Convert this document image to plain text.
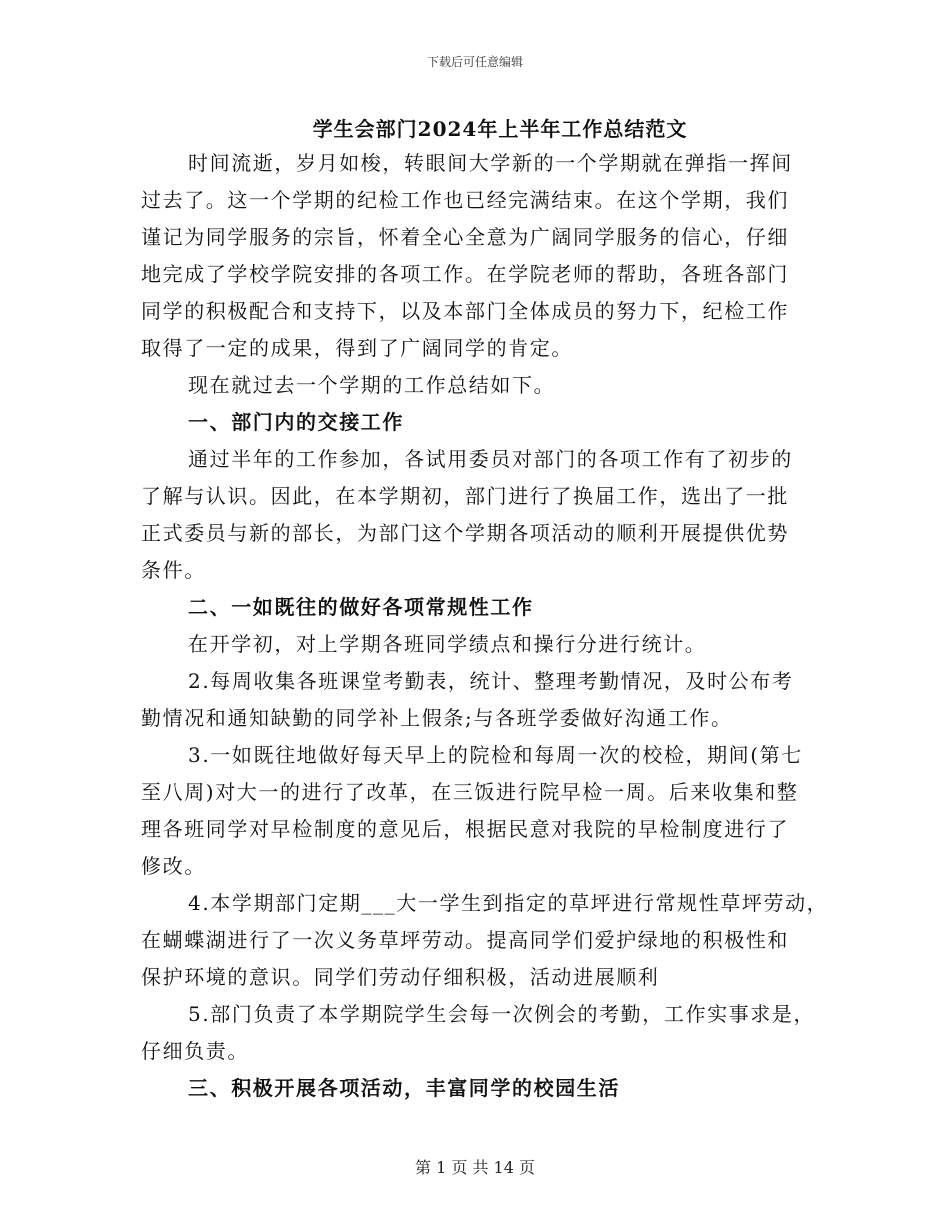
下载后可任意编辑
学生会部门2024年上半年工作总结范文
时间流逝，岁月如梭，转眼间大学新的一个学期就在弹指一挥间
过去了。这一个学期的纪检工作也已经完满结束。在这个学期，我们
谨记为同学服务的宗旨，怀着全心全意为广阔同学服务的信心，仔细
地完成了学校学院安排的各项工作。在学院老师的帮助，各班各部门
同学的积极配合和支持下，以及本部门全体成员的努力下，纪检工作
取得了一定的成果，得到了广阔同学的肯定。
现在就过去一个学期的工作总结如下。
一、部门内的交接工作
通过半年的工作参加，各试用委员对部门的各项工作有了初步的
了解与认识。因此，在本学期初，部门进行了换届工作，选出了一批
正式委员与新的部长，为部门这个学期各项活动的顺利开展提供优势
条件。
二、一如既往的做好各项常规性工作
在开学初，对上学期各班同学绩点和操行分进行统计。
2.每周收集各班课堂考勤表，统计、整理考勤情况，及时公布考
勤情况和通知缺勤的同学补上假条;与各班学委做好沟通工作。
3.一如既往地做好每天早上的院检和每周一次的校检，期间(第七
至八周)对大一的进行了改革，在三饭进行院早检一周。后来收集和整
理各班同学对早检制度的意见后，根据民意对我院的早检制度进行了
修改。
4.本学期部门定期___大一学生到指定的草坪进行常规性草坪劳动，
在蝴蝶湖进行了一次义务草坪劳动。提高同学们爱护绿地的积极性和
保护环境的意识。同学们劳动仔细积极，活动进展顺利
5.部门负责了本学期院学生会每一次例会的考勤，工作实事求是，
仔细负责。
三、积极开展各项活动，丰富同学的校园生活
第 1 页 共 14 页
